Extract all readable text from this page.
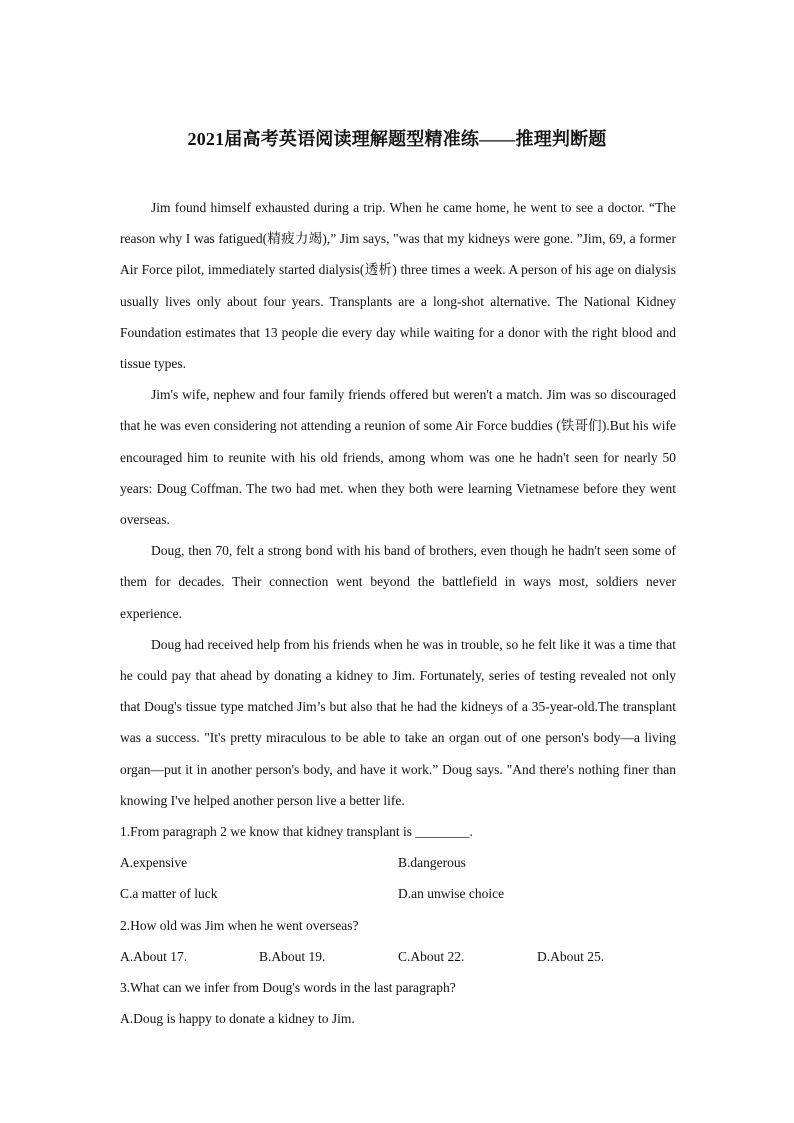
2021届高考英语阅读理解题型精准练——推理判断题

Jim found himself exhausted during a trip. When he came home, he went to see a doctor. “The reason why I was fatigued(精疲力竭),” Jim says, "was that my kidneys were gone. ”Jim, 69, a former Air Force pilot, immediately started dialysis(透析) three times a week. A person of his age on dialysis usually lives only about four years. Transplants are a long-shot alternative. The National Kidney Foundation estimates that 13 people die every day while waiting for a donor with the right blood and tissue types.

Jim's wife, nephew and four family friends offered but weren't a match. Jim was so discouraged that he was even considering not attending a reunion of some Air Force buddies (铁哥们).But his wife encouraged him to reunite with his old friends, among whom was one he hadn't seen for nearly 50 years: Doug Coffman. The two had met. when they both were learning Vietnamese before they went overseas.

Doug, then 70, felt a strong bond with his band of brothers, even though he hadn't seen some of them for decades. Their connection went beyond the battlefield in ways most, soldiers never experience.

Doug had received help from his friends when he was in trouble, so he felt like it was a time that he could pay that ahead by donating a kidney to Jim. Fortunately, series of testing revealed not only that Doug's tissue type matched Jim’s but also that he had the kidneys of a 35-year-old.The transplant was a success. "It's pretty miraculous to be able to take an organ out of one person's body—a living organ—put it in another person's body, and have it work.” Doug says. "And there's nothing finer than knowing I've helped another person live a better life.

1.From paragraph 2 we know that kidney transplant is ________.

A.expensive	B.dangerous
C.a matter of luck	D.an unwise choice

2.How old was Jim when he went overseas?

A.About 17.	B.About 19.	C.About 22.	D.About 25.

3.What can we infer from Doug's words in the last paragraph?

A.Doug is happy to donate a kidney to Jim.
